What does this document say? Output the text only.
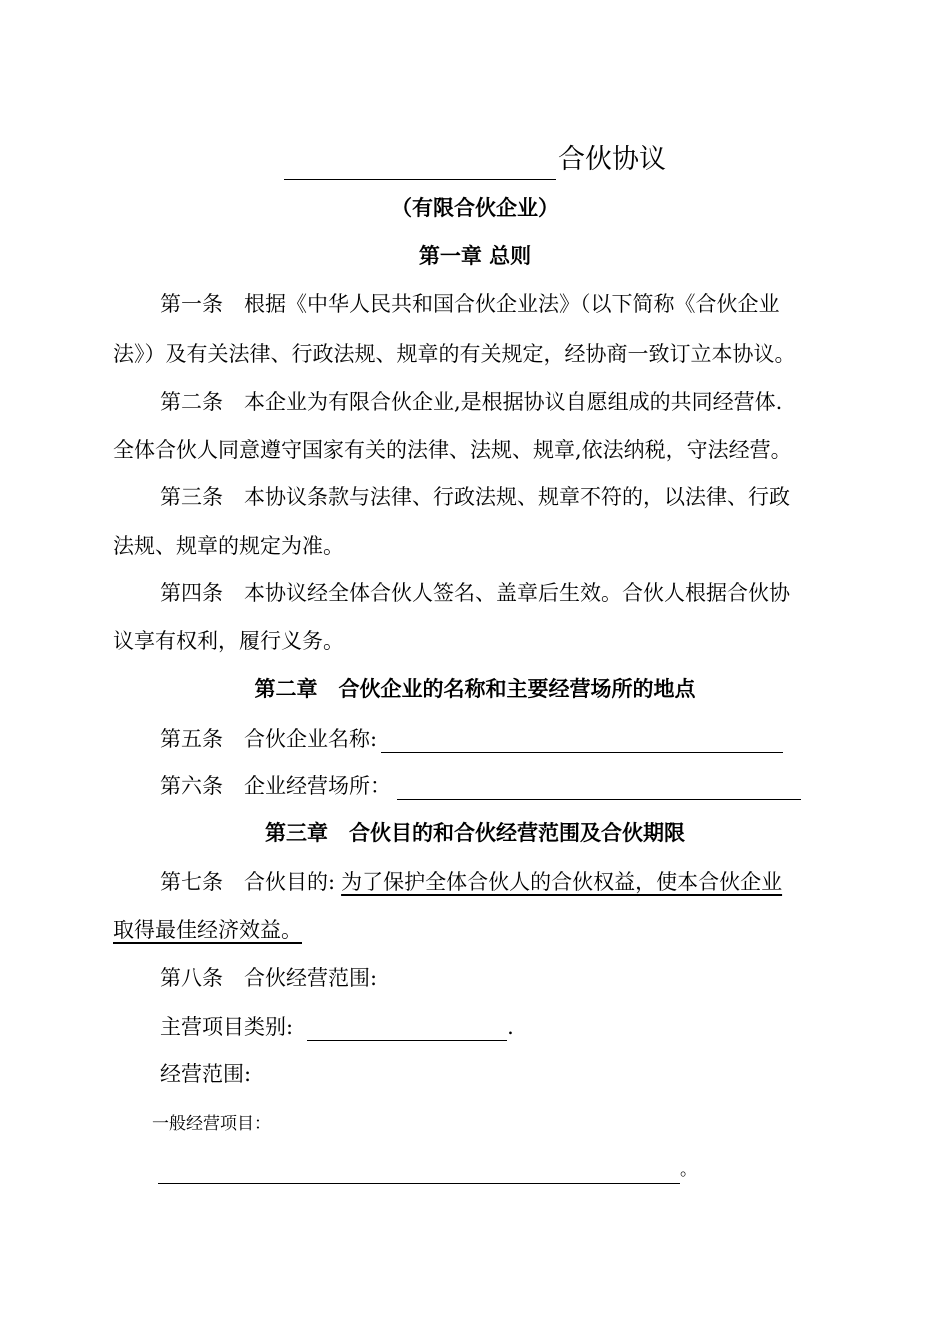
合伙协议
（有限合伙企业）
第一章 总则
第一条　根据《中华人民共和国合伙企业法》（以下简称《合伙企业
法》）及有关法律、行政法规、规章的有关规定，经协商一致订立本协议。
第二条　本企业为有限合伙企业,是根据协议自愿组成的共同经营体.
全体合伙人同意遵守国家有关的法律、法规、规章,依法纳税，守法经营。
第三条　本协议条款与法律、行政法规、规章不符的，以法律、行政
法规、规章的规定为准。
第四条　本协议经全体合伙人签名、盖章后生效。合伙人根据合伙协
议享有权利，履行义务。
第二章　合伙企业的名称和主要经营场所的地点
第五条　合伙企业名称:
第六条　企业经营场所：
第三章　合伙目的和合伙经营范围及合伙期限
第七条　合伙目的: 为了保护全体合伙人的合伙权益，使本合伙企业
取得最佳经济效益。
第八条　合伙经营范围:
主营项目类别:	.
经营范围:
一般经营项目：
。
